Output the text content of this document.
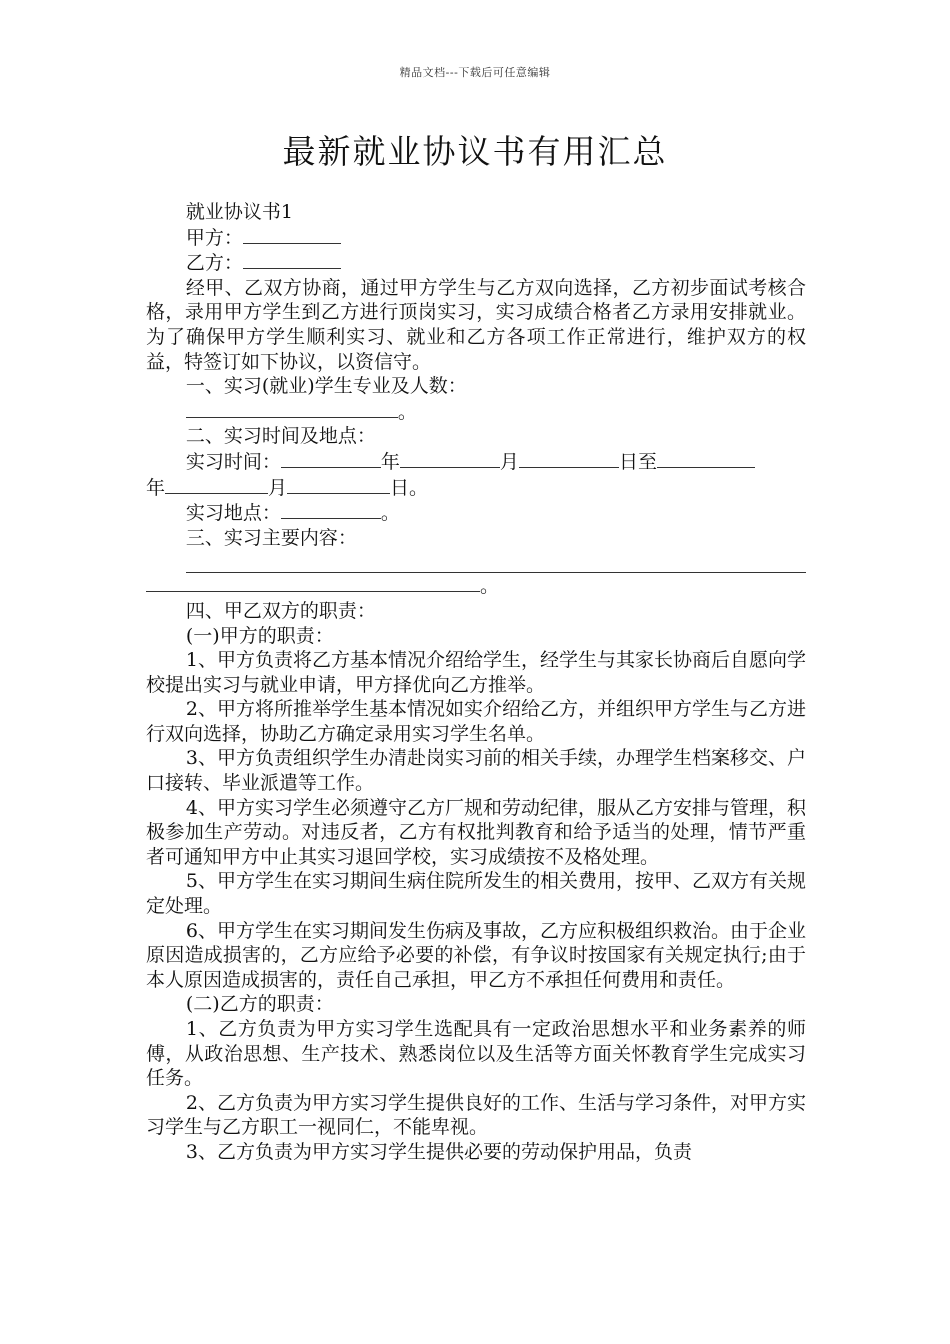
精品文档---下载后可任意编辑
最新就业协议书有用汇总

就业协议书1

甲方：

乙方：

经甲、乙双方协商，通过甲方学生与乙方双向选择，乙方初步面试考核合格，录用甲方学生到乙方进行顶岗实习，实习成绩合格者乙方录用安排就业。为了确保甲方学生顺利实习、就业和乙方各项工作正常进行，维护双方的权益，特签订如下协议，以资信守。

一、实习(就业)学生专业及人数：

。

二、实习时间及地点：

实习时间：	年	月	日至
年	月	日。

实习地点：	。

三、实习主要内容：

。

四、甲乙双方的职责：

(一)甲方的职责：

1、甲方负责将乙方基本情况介绍给学生，经学生与其家长协商后自愿向学校提出实习与就业申请，甲方择优向乙方推举。

2、甲方将所推举学生基本情况如实介绍给乙方，并组织甲方学生与乙方进行双向选择，协助乙方确定录用实习学生名单。

3、甲方负责组织学生办清赴岗实习前的相关手续，办理学生档案移交、户口接转、毕业派遣等工作。

4、甲方实习学生必须遵守乙方厂规和劳动纪律，服从乙方安排与管理，积极参加生产劳动。对违反者，乙方有权批判教育和给予适当的处理，情节严重者可通知甲方中止其实习退回学校，实习成绩按不及格处理。

5、甲方学生在实习期间生病住院所发生的相关费用，按甲、乙双方有关规定处理。

6、甲方学生在实习期间发生伤病及事故，乙方应积极组织救治。由于企业原因造成损害的，乙方应给予必要的补偿，有争议时按国家有关规定执行;由于本人原因造成损害的，责任自己承担，甲乙方不承担任何费用和责任。

(二)乙方的职责：

1、乙方负责为甲方实习学生选配具有一定政治思想水平和业务素养的师傅，从政治思想、生产技术、熟悉岗位以及生活等方面关怀教育学生完成实习任务。

2、乙方负责为甲方实习学生提供良好的工作、生活与学习条件，对甲方实习学生与乙方职工一视同仁，不能卑视。

3、乙方负责为甲方实习学生提供必要的劳动保护用品，负责
